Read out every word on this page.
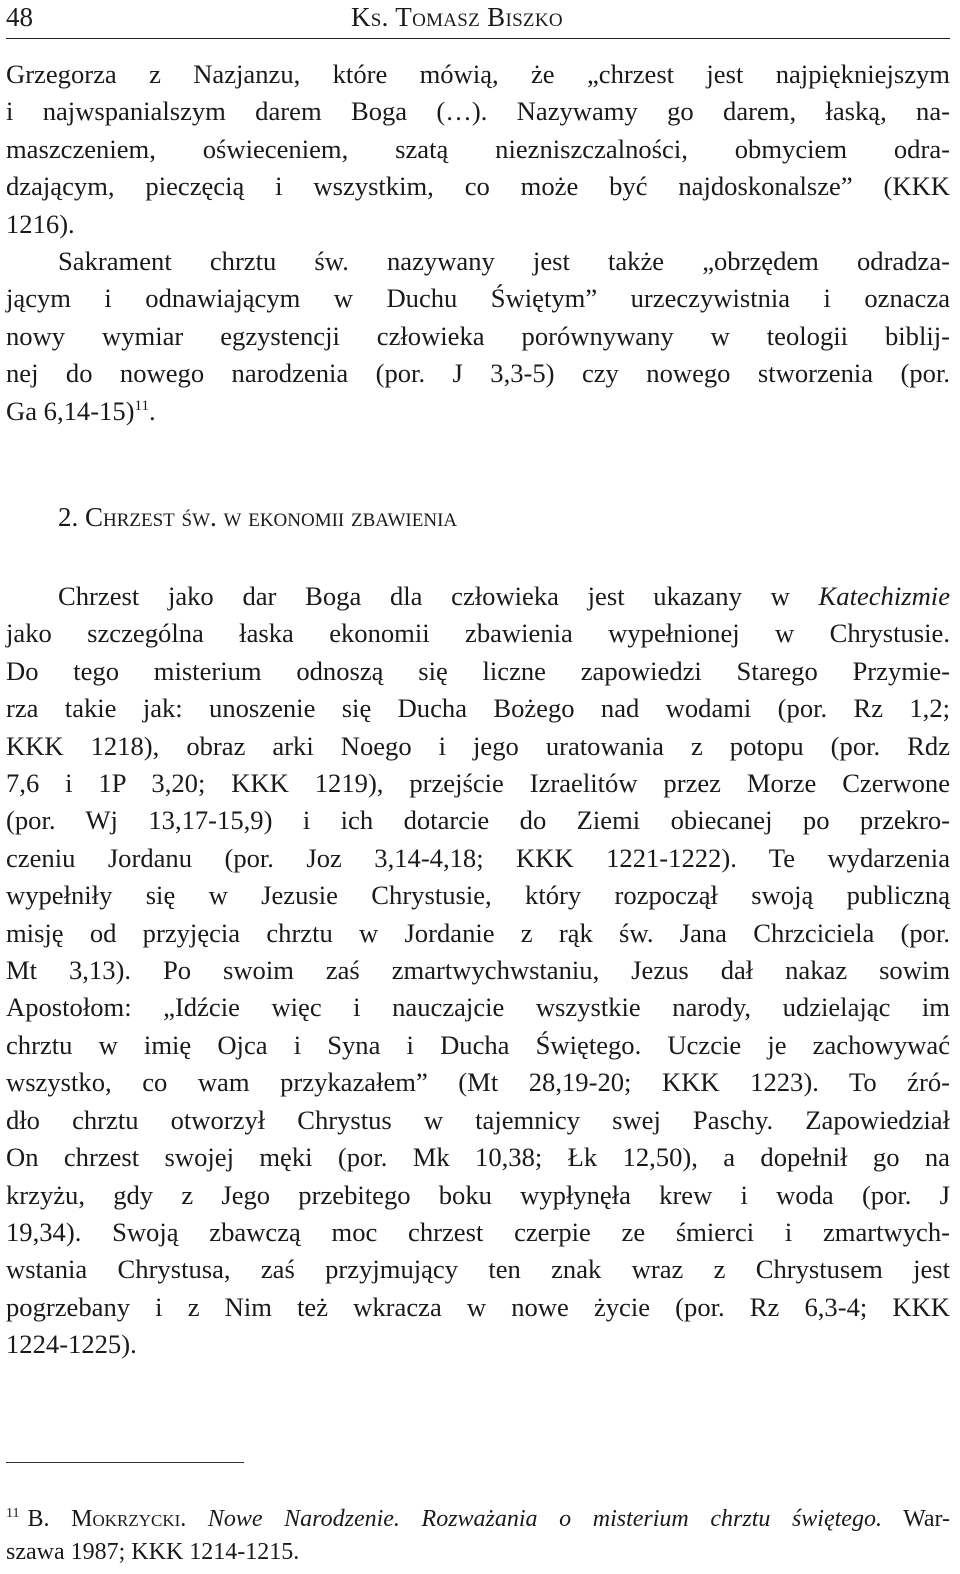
48	Ks. Tomasz Biszko
Grzegorza z Nazjanzu, które mówią, że „chrzest jest najpiękniejszym
i najwspanialszym darem Boga (…). Nazywamy go darem, łaską, na-
maszczeniem, oświeceniem, szatą niezniszczalności, obmyciem odra-
dzającym, pieczęcią i wszystkim, co może być najdoskonalsze” (KKK
1216).
Sakrament chrztu św. nazywany jest także „obrzędem odradza-
jącym i odnawiającym w Duchu Świętym” urzeczywistnia i oznacza
nowy wymiar egzystencji człowieka porównywany w teologii biblij-
nej do nowego narodzenia (por. J 3,3-5) czy nowego stworzenia (por.
Ga 6,14-15)$^{11}$.
2. Chrzest św. w ekonomii zbawienia
Chrzest jako dar Boga dla człowieka jest ukazany w Katechizmie
jako szczególna łaska ekonomii zbawienia wypełnionej w Chrystusie.
Do tego misterium odnoszą się liczne zapowiedzi Starego Przymie-
rza takie jak: unoszenie się Ducha Bożego nad wodami (por. Rz 1,2;
KKK 1218), obraz arki Noego i jego uratowania z potopu (por. Rdz
7,6 i 1P 3,20; KKK 1219), przejście Izraelitów przez Morze Czerwone
(por. Wj 13,17-15,9) i ich dotarcie do Ziemi obiecanej po przekro-
czeniu Jordanu (por. Joz 3,14-4,18; KKK 1221-1222). Te wydarzenia
wypełniły się w Jezusie Chrystusie, który rozpoczął swoją publiczną
misję od przyjęcia chrztu w Jordanie z rąk św. Jana Chrzciciela (por.
Mt 3,13). Po swoim zaś zmartwychwstaniu, Jezus dał nakaz sowim
Apostołom: „Idźcie więc i nauczajcie wszystkie narody, udzielając im
chrztu w imię Ojca i Syna i Ducha Świętego. Uczcie je zachowywać
wszystko, co wam przykazałem” (Mt 28,19-20; KKK 1223). To źró-
dło chrztu otworzył Chrystus w tajemnicy swej Paschy. Zapowiedział
On chrzest swojej męki (por. Mk 10,38; Łk 12,50), a dopełnił go na
krzyżu, gdy z Jego przebitego boku wypłynęła krew i woda (por. J
19,34). Swoją zbawczą moc chrzest czerpie ze śmierci i zmartwych-
wstania Chrystusa, zaś przyjmujący ten znak wraz z Chrystusem jest
pogrzebany i z Nim też wkracza w nowe życie (por. Rz 6,3-4; KKK
1224-1225).
$^{11}$ B. Mokrzycki. Nowe Narodzenie. Rozważania o misterium chrztu świętego. War-
szawa 1987; KKK 1214-1215.
